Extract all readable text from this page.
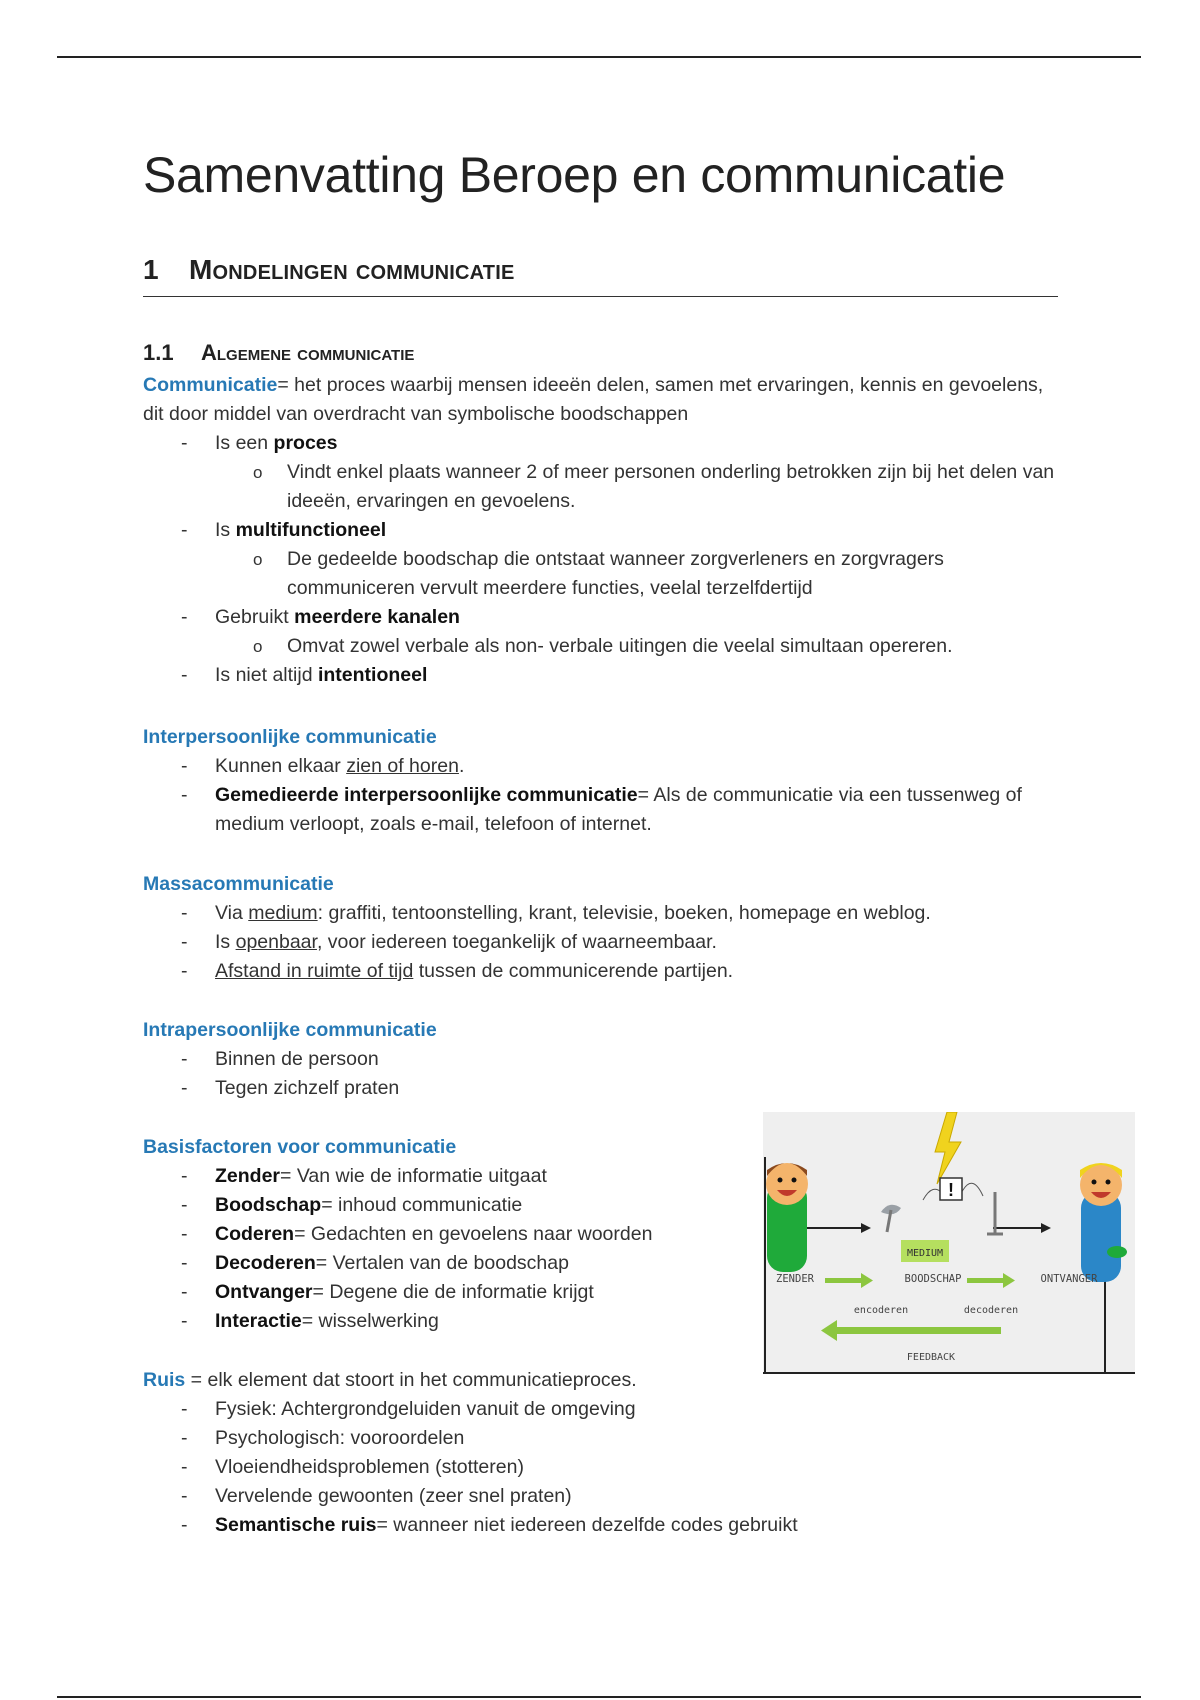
Samenvatting Beroep en communicatie
1 Mondelingen communicatie
1.1 Algemene communicatie

Communicatie= het proces waarbij mensen ideeën delen, samen met ervaringen, kennis en gevoelens, dit door middel van overdracht van symbolische boodschappen

- Is een proces
o Vindt enkel plaats wanneer 2 of meer personen onderling betrokken zijn bij het delen van ideeën, ervaringen en gevoelens.
- Is multifunctioneel
o De gedeelde boodschap die ontstaat wanneer zorgverleners en zorgvragers communiceren vervult meerdere functies, veelal terzelfdertijd
- Gebruikt meerdere kanalen
o Omvat zowel verbale als non- verbale uitingen die veelal simultaan opereren.
- Is niet altijd intentioneel
Interpersoonlijke communicatie
- Kunnen elkaar zien of horen.
- Gemedieerde interpersoonlijke communicatie= Als de communicatie via een tussenweg of medium verloopt, zoals e-mail, telefoon of internet.
Massacommunicatie
- Via medium: graffiti, tentoonstelling, krant, televisie, boeken, homepage en weblog.
- Is openbaar, voor iedereen toegankelijk of waarneembaar.
- Afstand in ruimte of tijd tussen de communicerende partijen.
Intrapersoonlijke communicatie
- Binnen de persoon
- Tegen zichzelf praten
Basisfactoren voor communicatie
- Zender= Van wie de informatie uitgaat
- Boodschap= inhoud communicatie
- Coderen= Gedachten en gevoelens naar woorden
- Decoderen= Vertalen van de boodschap
- Ontvanger= Degene die de informatie krijgt
- Interactie= wisselwerking

Ruis = elk element dat stoort in het communicatieproces.

- Fysiek: Achtergrondgeluiden vanuit de omgeving
- Psychologisch: vooroordelen
- Vloeiendheidsproblemen (stotteren)
- Vervelende gewoonten (zeer snel praten)
- Semantische ruis= wanneer niet iedereen dezelfde codes gebruikt
!
MEDIUM
ZENDER	BOODSCHAP	ONTVANGER
encoderen	decoderen
FEEDBACK
